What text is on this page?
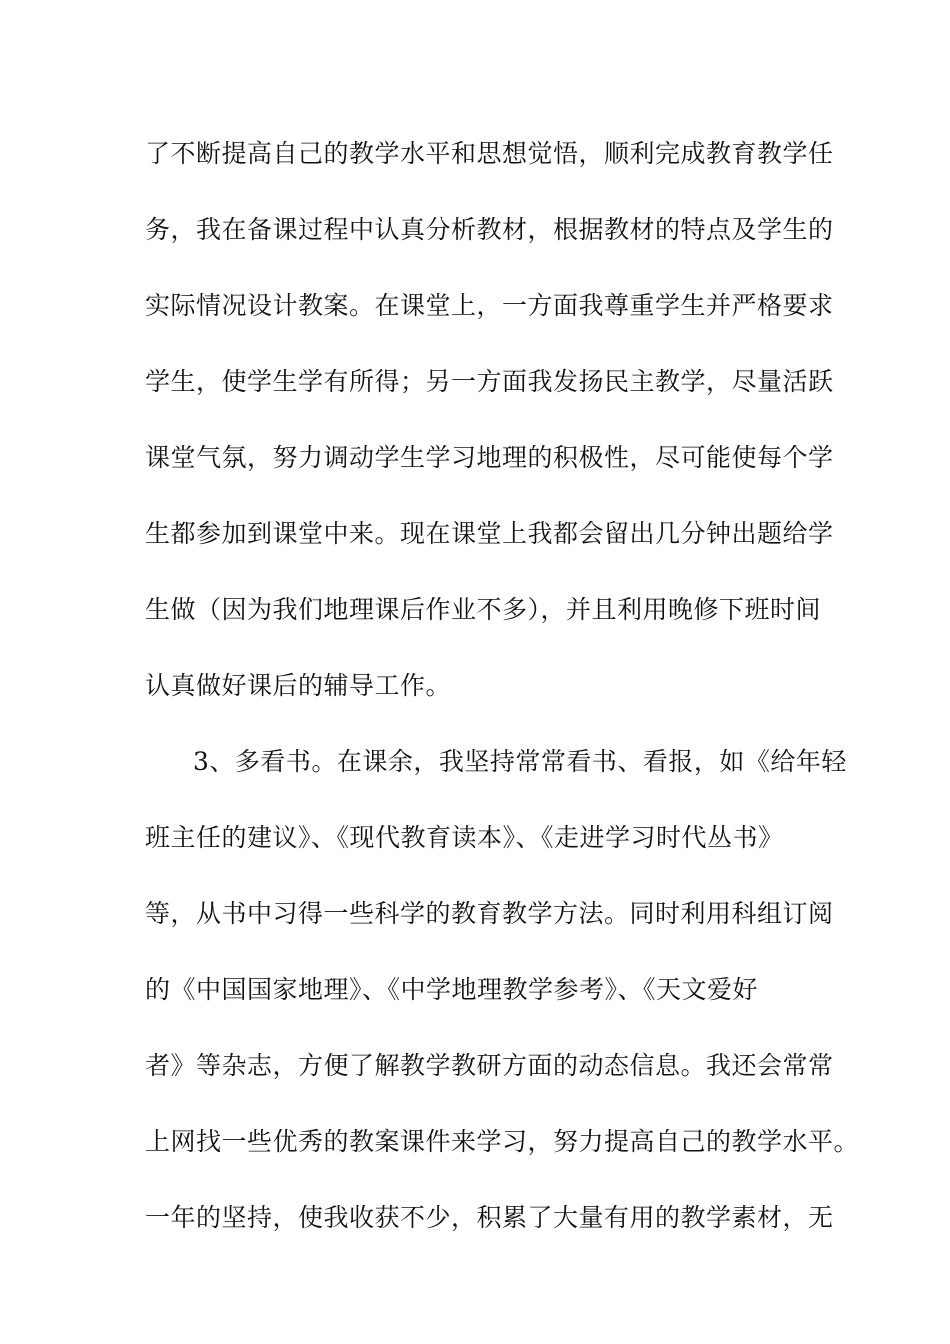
了不断提高自己的教学水平和思想觉悟，顺利完成教育教学任
务，我在备课过程中认真分析教材，根据教材的特点及学生的
实际情况设计教案。在课堂上，一方面我尊重学生并严格要求
学生，使学生学有所得；另一方面我发扬民主教学，尽量活跃
课堂气氛，努力调动学生学习地理的积极性，尽可能使每个学
生都参加到课堂中来。现在课堂上我都会留出几分钟出题给学
生做（因为我们地理课后作业不多），并且利用晚修下班时间
认真做好课后的辅导工作。
3、多看书。在课余，我坚持常常看书、看报，如《给年轻
班主任的建议》、《现代教育读本》、《走进学习时代丛书》
等，从书中习得一些科学的教育教学方法。同时利用科组订阅
的《中国国家地理》、《中学地理教学参考》、《天文爱好
者》等杂志，方便了解教学教研方面的动态信息。我还会常常
上网找一些优秀的教案课件来学习，努力提高自己的教学水平。
一年的坚持，使我收获不少，积累了大量有用的教学素材，无
